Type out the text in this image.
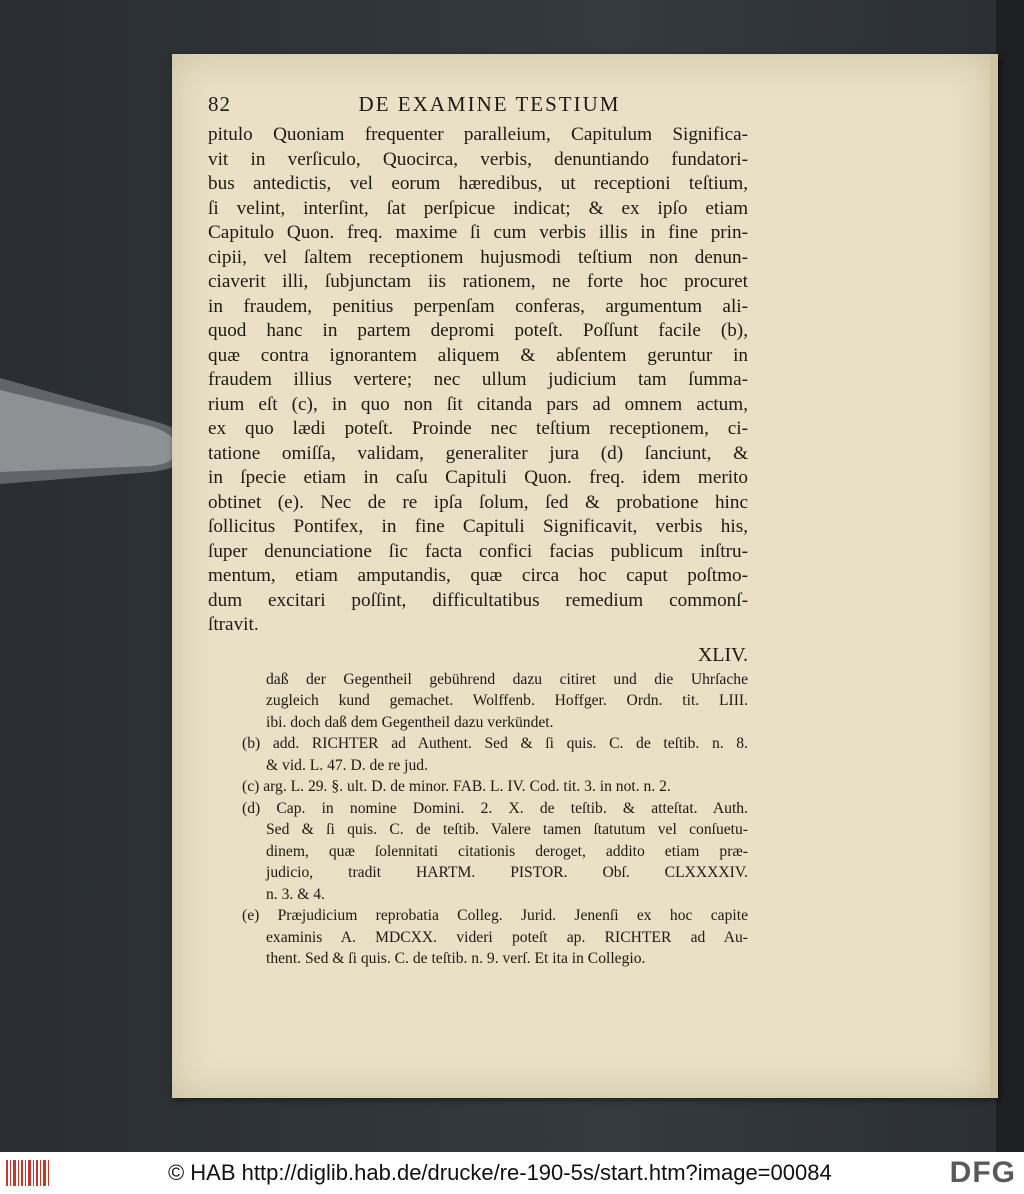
82	DE EXAMINE TESTIUM

pitulo Quoniam frequenter paralleium, Capitulum Significa-

vit in verſiculo, Quocirca, verbis, denuntiando fundatori-

bus antedictis, vel eorum hæredibus, ut receptioni teſtium,

ſi velint, interſint, ſat perſpicue indicat; & ex ipſo etiam

Capitulo Quon. freq. maxime ſi cum verbis illis in fine prin-

cipii, vel ſaltem receptionem hujusmodi teſtium non denun-

ciaverit illi, ſubjunctam iis rationem, ne forte hoc procuret

in fraudem, penitius perpenſam conferas, argumentum ali-

quod hanc in partem depromi poteſt. Poſſunt facile (b),

quæ contra ignorantem aliquem & abſentem geruntur in

fraudem illius vertere; nec ullum judicium tam ſumma-

rium eſt (c), in quo non ſit citanda pars ad omnem actum,

ex quo lædi poteſt. Proinde nec teſtium receptionem, ci-

tatione omiſſa, validam, generaliter jura (d) ſanciunt, &

in ſpecie etiam in caſu Capituli Quon. freq. idem merito

obtinet (e). Nec de re ipſa ſolum, ſed & probatione hinc

ſollicitus Pontifex, in fine Capituli Significavit, verbis his,

ſuper denunciatione ſic facta confici facias publicum inſtru-

mentum, etiam amputandis, quæ circa hoc caput poſtmo-

dum excitari poſſint, difficultatibus remedium commonſ-

ſtravit.

XLIV.

daß der Gegentheil gebührend dazu citiret und die Uhrſache

zugleich kund gemachet. Wolffenb. Hoffger. Ordn. tit. LIII.

ibi. doch daß dem Gegentheil dazu verkündet.

(b) add. RICHTER ad Authent. Sed & ſi quis. C. de teſtib. n. 8.

& vid. L. 47. D. de re jud.

(c) arg. L. 29. §. ult. D. de minor. FAB. L. IV. Cod. tit. 3. in not. n. 2.

(d) Cap. in nomine Domini. 2. X. de teſtib. & atteſtat. Auth.

Sed & ſi quis. C. de teſtib. Valere tamen ſtatutum vel conſuetu-

dinem, quæ ſolennitati citationis deroget, addito etiam præ-

judicio, tradit HARTM. PISTOR. Obſ. CLXXXXIV.

n. 3. & 4.

(e) Præjudicium reprobatia Colleg. Jurid. Jenenſi ex hoc capite

examinis A. MDCXX. videri poteſt ap. RICHTER ad Au-

thent. Sed & ſi quis. C. de teſtib. n. 9. verſ. Et ita in Collegio.

© HAB http://diglib.hab.de/drucke/re-190-5s/start.htm?image=00084	DFG
